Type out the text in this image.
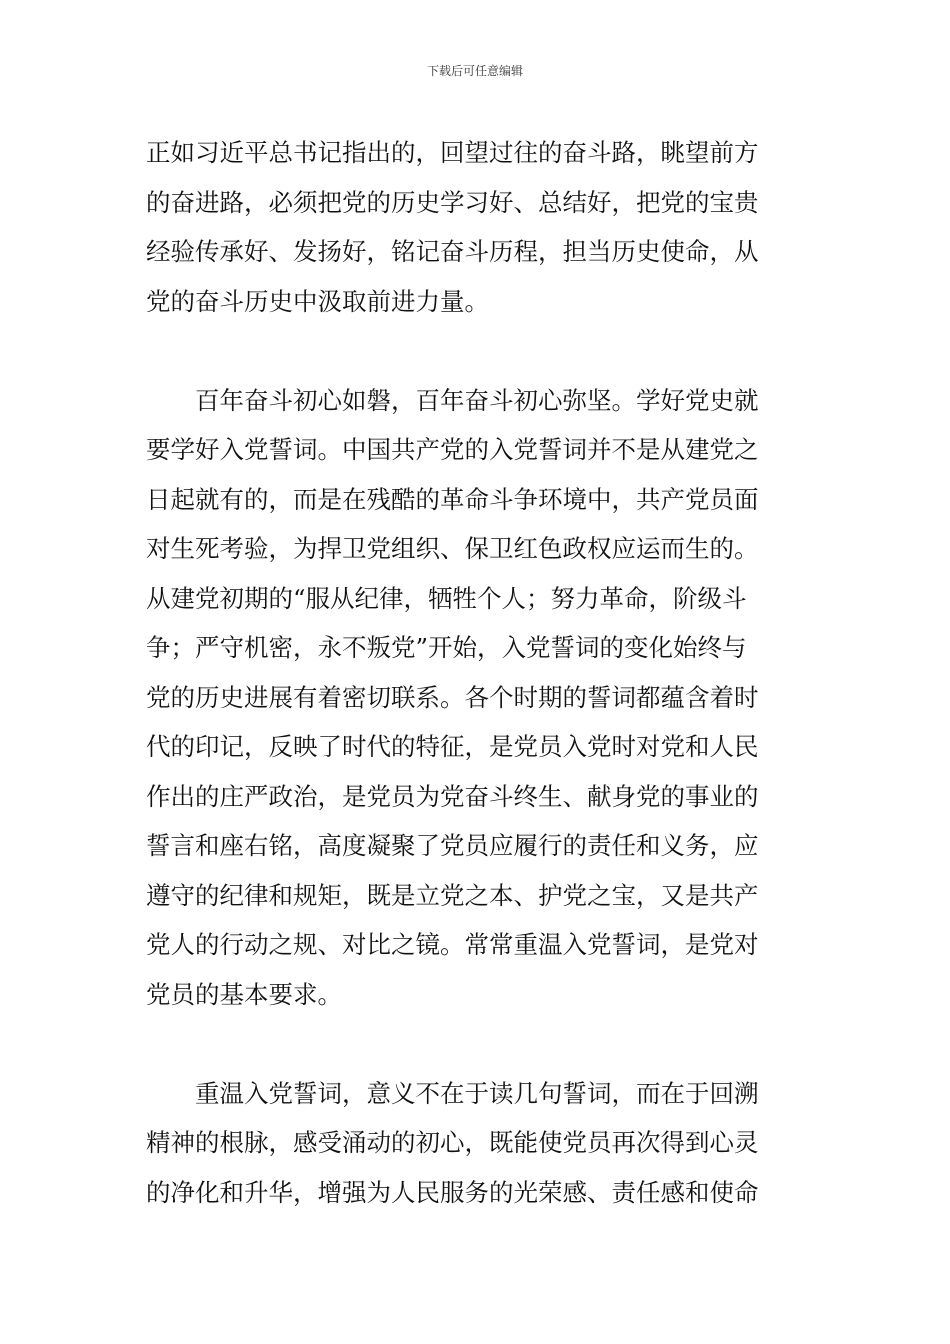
下载后可任意编辑
正如习近平总书记指出的，回望过往的奋斗路，眺望前方
的奋进路，必须把党的历史学习好、总结好，把党的宝贵
经验传承好、发扬好，铭记奋斗历程，担当历史使命，从
党的奋斗历史中汲取前进力量。
　　百年奋斗初心如磐，百年奋斗初心弥坚。学好党史就
要学好入党誓词。中国共产党的入党誓词并不是从建党之
日起就有的，而是在残酷的革命斗争环境中，共产党员面
对生死考验，为捍卫党组织、保卫红色政权应运而生的。
从建党初期的“服从纪律，牺牲个人；努力革命，阶级斗
争；严守机密，永不叛党”开始，入党誓词的变化始终与
党的历史进展有着密切联系。各个时期的誓词都蕴含着时
代的印记，反映了时代的特征，是党员入党时对党和人民
作出的庄严政治，是党员为党奋斗终生、献身党的事业的
誓言和座右铭，高度凝聚了党员应履行的责任和义务，应
遵守的纪律和规矩，既是立党之本、护党之宝，又是共产
党人的行动之规、对比之镜。常常重温入党誓词，是党对
党员的基本要求。
　　重温入党誓词，意义不在于读几句誓词，而在于回溯
精神的根脉，感受涌动的初心，既能使党员再次得到心灵
的净化和升华，增强为人民服务的光荣感、责任感和使命
